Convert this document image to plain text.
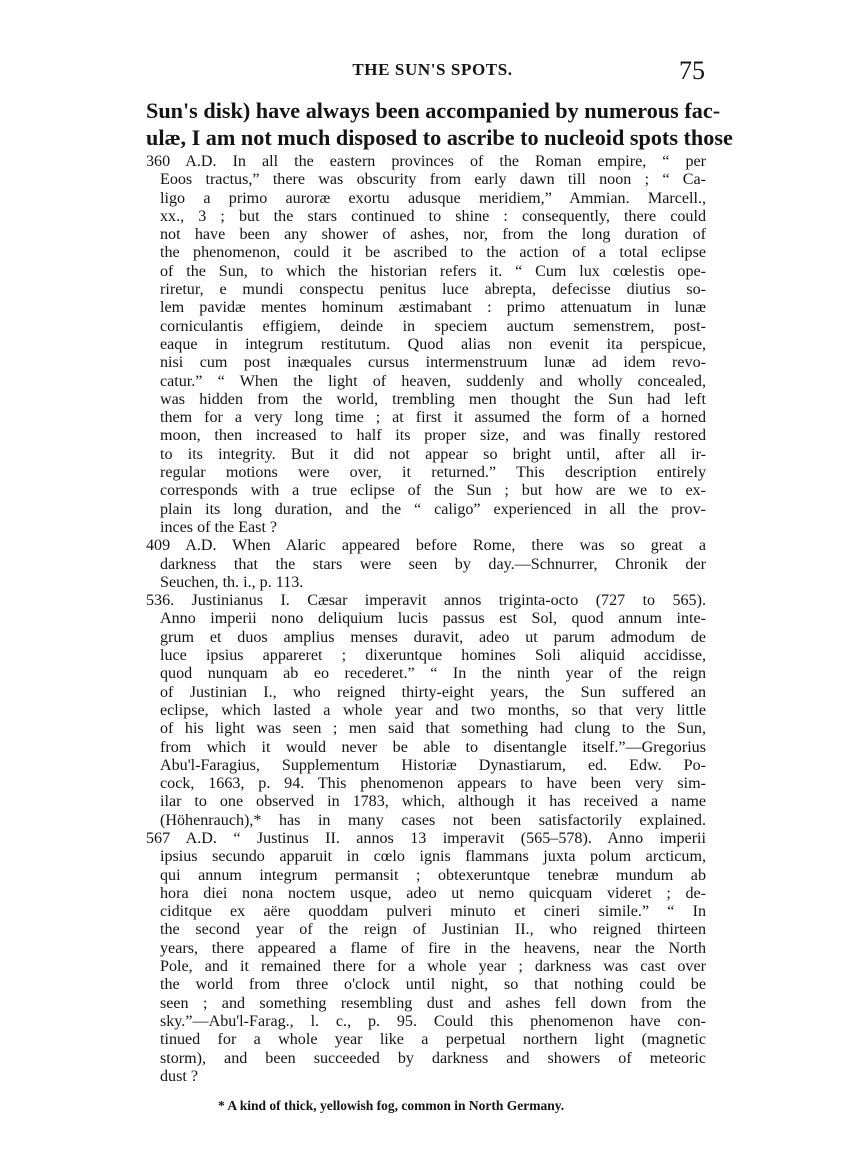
THE SUN'S SPOTS.	75
Sun's disk) have always been accompanied by numerous fac-
ulæ, I am not much disposed to ascribe to nucleoid spots those
360 A.D. In all the eastern provinces of the Roman empire, “ per
Eoos tractus,” there was obscurity from early dawn till noon ; “ Ca-
ligo a primo auroræ exortu adusque meridiem,” Ammian. Marcell.,
xx., 3 ; but the stars continued to shine : consequently, there could
not have been any shower of ashes, nor, from the long duration of
the phenomenon, could it be ascribed to the action of a total eclipse
of the Sun, to which the historian refers it. “ Cum lux cœlestis ope-
riretur, e mundi conspectu penitus luce abrepta, defecisse diutius so-
lem pavidæ mentes hominum æstimabant : primo attenuatum in lunæ
corniculantis effigiem, deinde in speciem auctum semenstrem, post-
eaque in integrum restitutum. Quod alias non evenit ita perspicue,
nisi cum post inæquales cursus intermenstruum lunæ ad idem revo-
catur.” “ When the light of heaven, suddenly and wholly concealed,
was hidden from the world, trembling men thought the Sun had left
them for a very long time ; at first it assumed the form of a horned
moon, then increased to half its proper size, and was finally restored
to its integrity. But it did not appear so bright until, after all ir-
regular motions were over, it returned.” This description entirely
corresponds with a true eclipse of the Sun ; but how are we to ex-
plain its long duration, and the “ caligo” experienced in all the prov-
inces of the East ?
409 A.D. When Alaric appeared before Rome, there was so great a
darkness that the stars were seen by day.—Schnurrer, Chronik der
Seuchen, th. i., p. 113.
536. Justinianus I. Cæsar imperavit annos triginta-octo (727 to 565).
Anno imperii nono deliquium lucis passus est Sol, quod annum inte-
grum et duos amplius menses duravit, adeo ut parum admodum de
luce ipsius appareret ; dixeruntque homines Soli aliquid accidisse,
quod nunquam ab eo recederet.” “ In the ninth year of the reign
of Justinian I., who reigned thirty-eight years, the Sun suffered an
eclipse, which lasted a whole year and two months, so that very little
of his light was seen ; men said that something had clung to the Sun,
from which it would never be able to disentangle itself.”—Gregorius
Abu'l-Faragius, Supplementum Historiæ Dynastiarum, ed. Edw. Po-
cock, 1663, p. 94. This phenomenon appears to have been very sim-
ilar to one observed in 1783, which, although it has received a name
(Höhenrauch),* has in many cases not been satisfactorily explained.
567 A.D. “ Justinus II. annos 13 imperavit (565–578). Anno imperii
ipsius secundo apparuit in cœlo ignis flammans juxta polum arcticum,
qui annum integrum permansit ; obtexeruntque tenebræ mundum ab
hora diei nona noctem usque, adeo ut nemo quicquam videret ; de-
ciditque ex aëre quoddam pulveri minuto et cineri simile.” “ In
the second year of the reign of Justinian II., who reigned thirteen
years, there appeared a flame of fire in the heavens, near the North
Pole, and it remained there for a whole year ; darkness was cast over
the world from three o'clock until night, so that nothing could be
seen ; and something resembling dust and ashes fell down from the
sky.”—Abu'l-Farag., l. c., p. 95. Could this phenomenon have con-
tinued for a whole year like a perpetual northern light (magnetic
storm), and been succeeded by darkness and showers of meteoric
dust ?
* A kind of thick, yellowish fog, common in North Germany.
